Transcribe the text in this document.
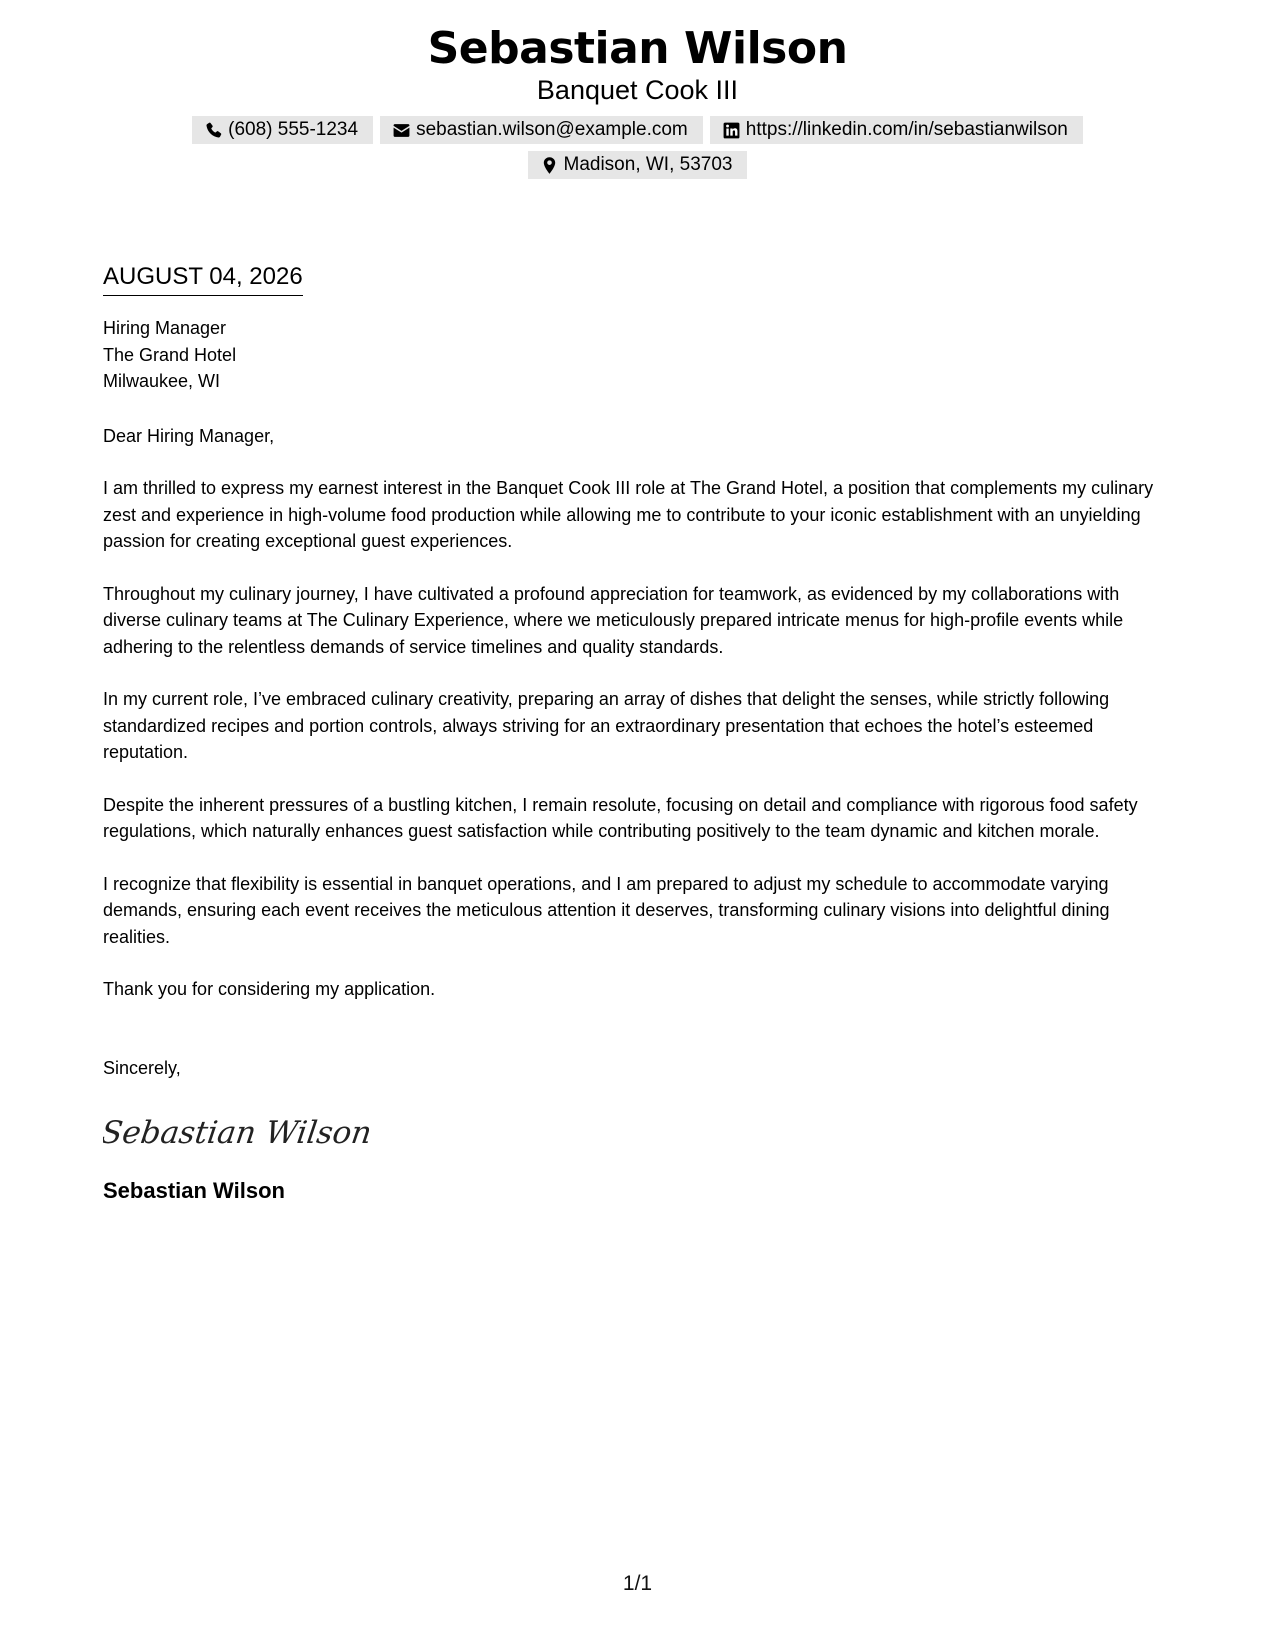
Sebastian Wilson
Banquet Cook III
(608) 555-1234	sebastian.wilson@example.com	https://linkedin.com/in/sebastianwilson
Madison, WI, 53703
AUGUST 04, 2026
Hiring Manager
The Grand Hotel
Milwaukee, WI
Dear Hiring Manager,

I am thrilled to express my earnest interest in the Banquet Cook III role at The Grand Hotel, a position that complements my culinary zest and experience in high-volume food production while allowing me to contribute to your iconic establishment with an unyielding passion for creating exceptional guest experiences.

Throughout my culinary journey, I have cultivated a profound appreciation for teamwork, as evidenced by my collaborations with diverse culinary teams at The Culinary Experience, where we meticulously prepared intricate menus for high-profile events while adhering to the relentless demands of service timelines and quality standards.

In my current role, I’ve embraced culinary creativity, preparing an array of dishes that delight the senses, while strictly following standardized recipes and portion controls, always striving for an extraordinary presentation that echoes the hotel’s esteemed reputation.

Despite the inherent pressures of a bustling kitchen, I remain resolute, focusing on detail and compliance with rigorous food safety regulations, which naturally enhances guest satisfaction while contributing positively to the team dynamic and kitchen morale.

I recognize that flexibility is essential in banquet operations, and I am prepared to adjust my schedule to accommodate varying demands, ensuring each event receives the meticulous attention it deserves, transforming culinary visions into delightful dining realities.

Thank you for considering my application.

Sincerely,
Sebastian Wilson
Sebastian Wilson
1/1
